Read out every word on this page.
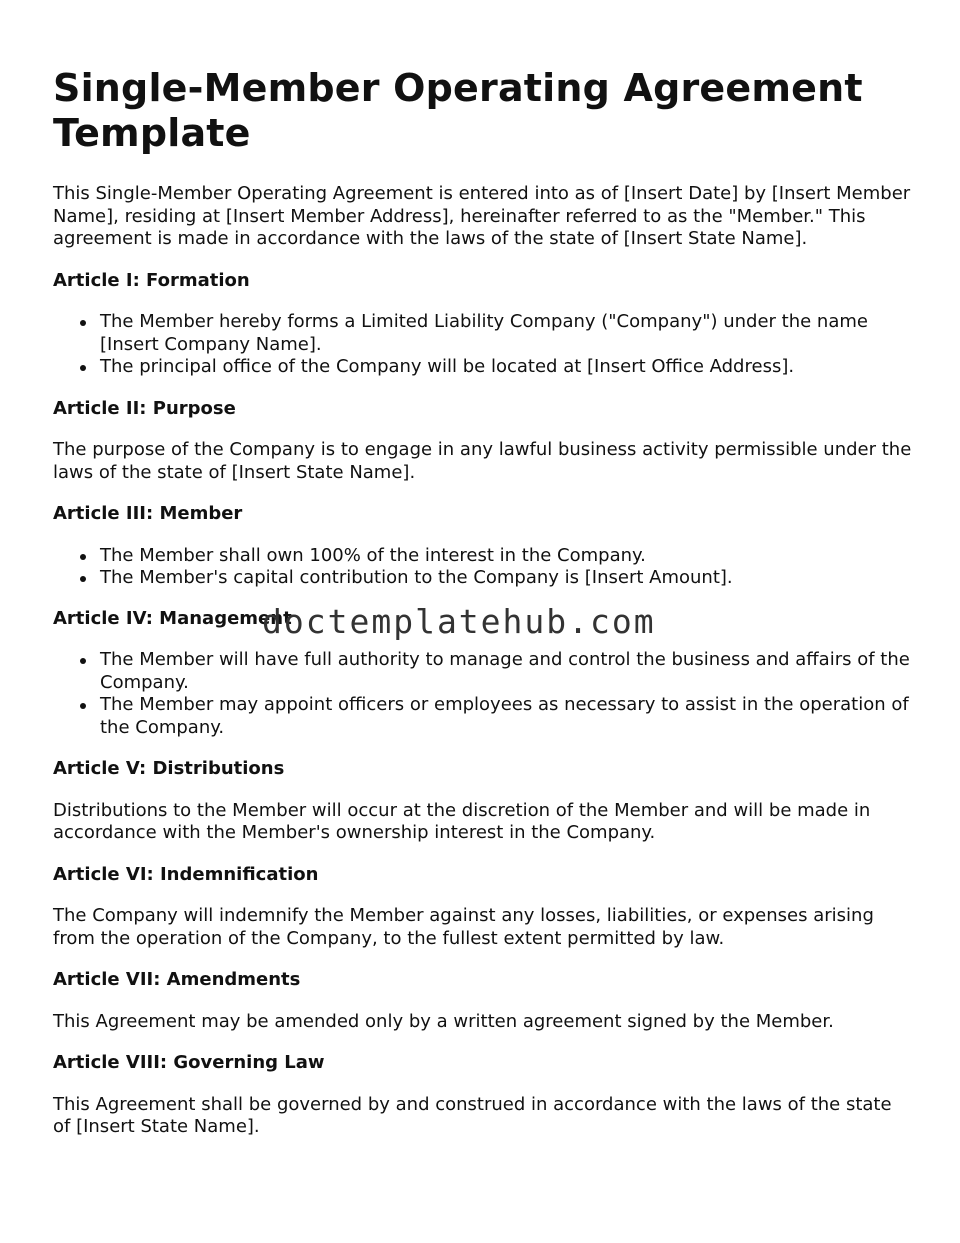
Single-Member Operating Agreement Template

This Single-Member Operating Agreement is entered into as of [Insert Date] by [Insert Member Name], residing at [Insert Member Address], hereinafter referred to as the "Member." This agreement is made in accordance with the laws of the state of [Insert State Name].

Article I: Formation
The Member hereby forms a Limited Liability Company ("Company") under the name [Insert Company Name].
The principal office of the Company will be located at [Insert Office Address].
Article II: Purpose

The purpose of the Company is to engage in any lawful business activity permissible under the laws of the state of [Insert State Name].

Article III: Member
The Member shall own 100% of the interest in the Company.
The Member's capital contribution to the Company is [Insert Amount].
Article IV: Management
The Member will have full authority to manage and control the business and affairs of the Company.
The Member may appoint officers or employees as necessary to assist in the operation of the Company.
Article V: Distributions

Distributions to the Member will occur at the discretion of the Member and will be made in accordance with the Member's ownership interest in the Company.

Article VI: Indemnification

The Company will indemnify the Member against any losses, liabilities, or expenses arising from the operation of the Company, to the fullest extent permitted by law.

Article VII: Amendments

This Agreement may be amended only by a written agreement signed by the Member.

Article VIII: Governing Law

This Agreement shall be governed by and construed in accordance with the laws of the state of [Insert State Name].

doctemplatehub.com
